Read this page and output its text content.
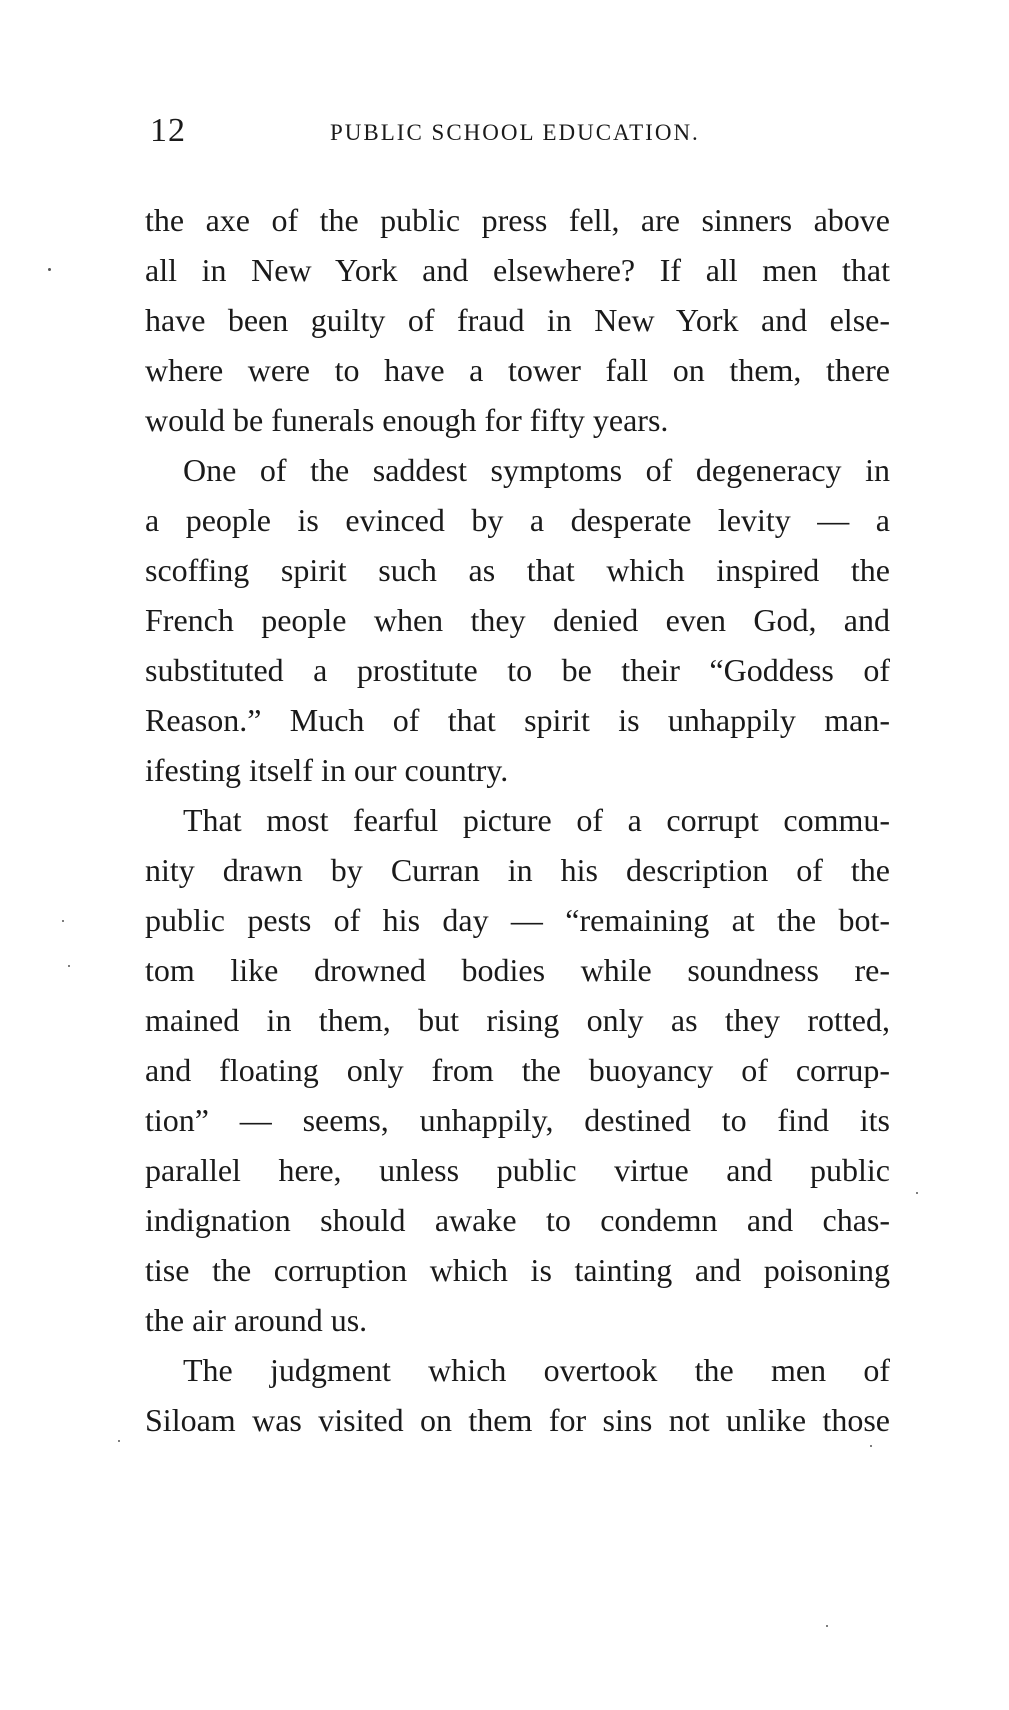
12	PUBLIC SCHOOL EDUCATION.
the axe of the public press fell, are sinners above
all in New York and elsewhere? If all men that
have been guilty of fraud in New York and else-
where were to have a tower fall on them, there
would be funerals enough for fifty years.
One of the saddest symptoms of degeneracy in
a people is evinced by a desperate levity — a
scoffing spirit such as that which inspired the
French people when they denied even God, and
substituted a prostitute to be their “Goddess of
Reason.” Much of that spirit is unhappily man-
ifesting itself in our country.
That most fearful picture of a corrupt commu-
nity drawn by Curran in his description of the
public pests of his day — “remaining at the bot-
tom like drowned bodies while soundness re-
mained in them, but rising only as they rotted,
and floating only from the buoyancy of corrup-
tion” — seems, unhappily, destined to find its
parallel here, unless public virtue and public
indignation should awake to condemn and chas-
tise the corruption which is tainting and poisoning
the air around us.
The judgment which overtook the men of
Siloam was visited on them for sins not unlike those
